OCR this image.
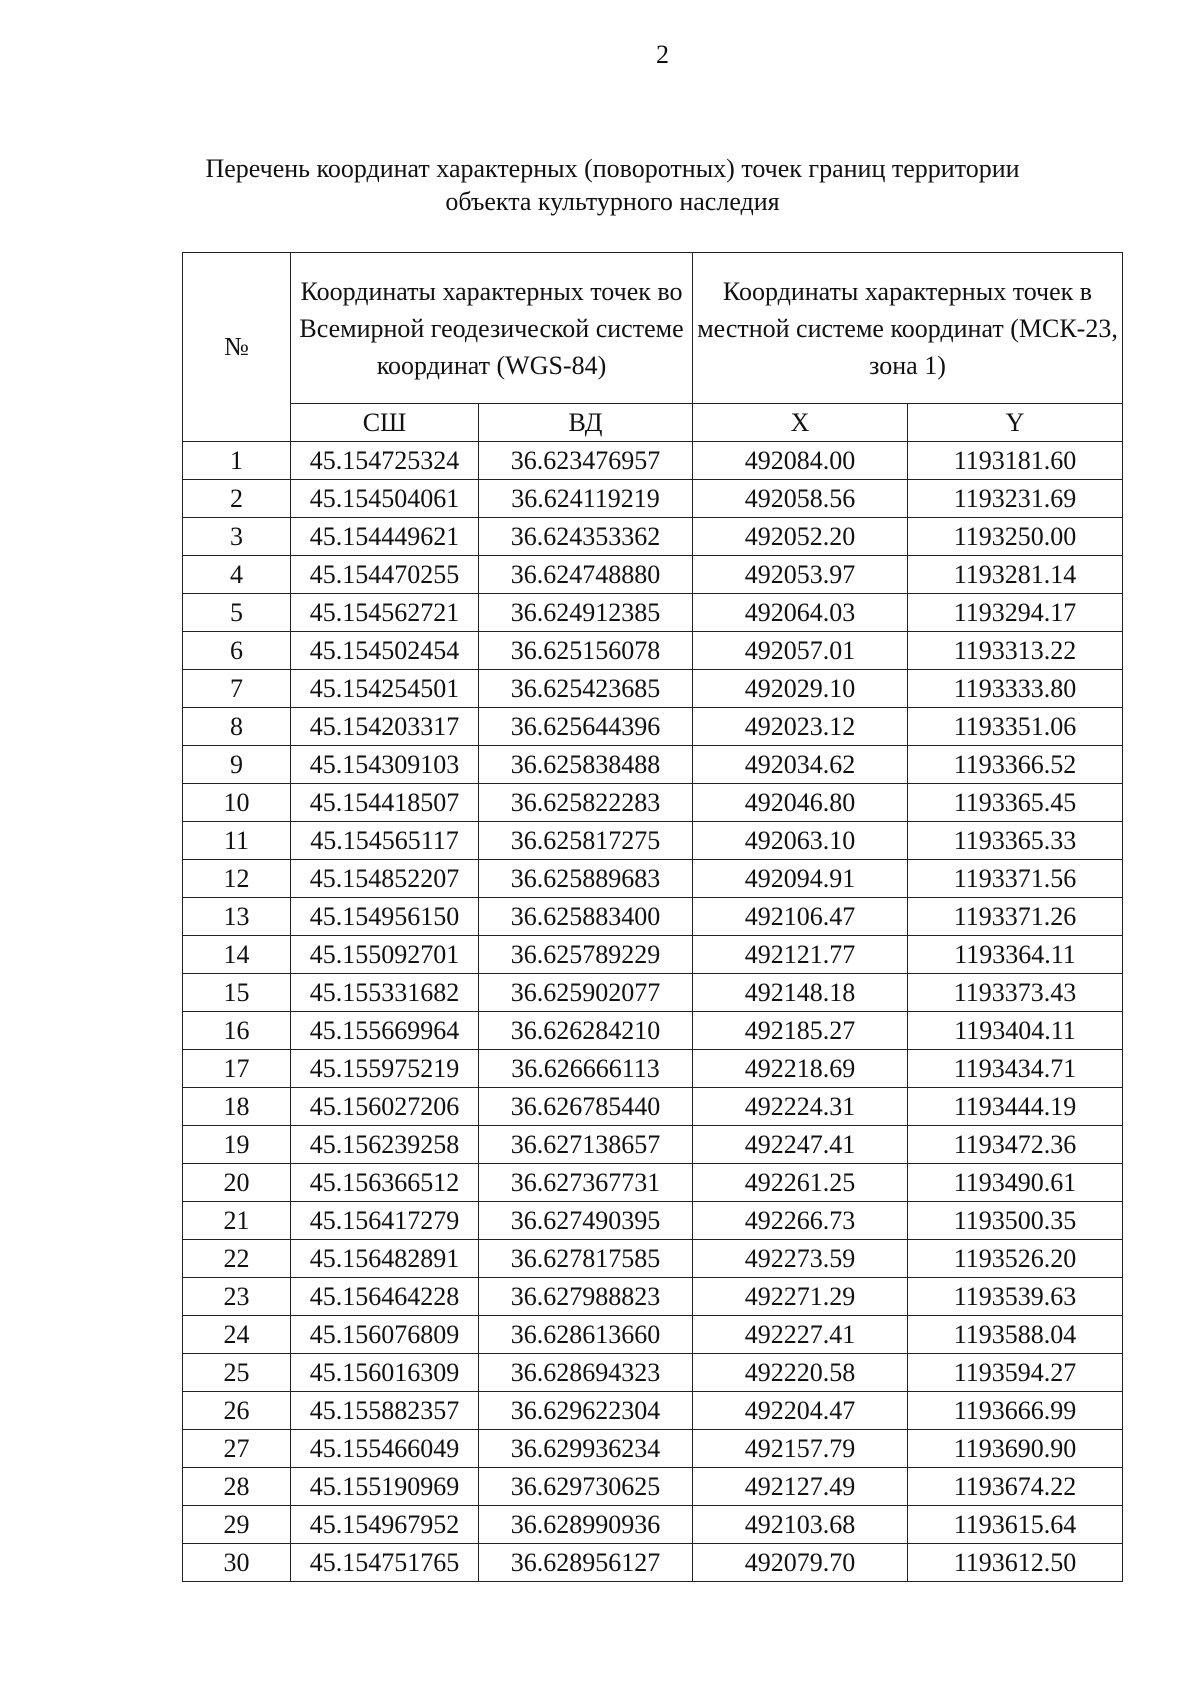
2
Перечень координат характерных (поворотных) точек границ территории объекта культурного наследия
№	Координаты характерных точек во Всемирной геодезической системе координат (WGS-84)		Координаты характерных точек в местной системе координат (МСК-23, зона 1)	
	СШ	ВД	X	Y
1	45.154725324	36.623476957	492084.00	1193181.60
2	45.154504061	36.624119219	492058.56	1193231.69
3	45.154449621	36.624353362	492052.20	1193250.00
4	45.154470255	36.624748880	492053.97	1193281.14
5	45.154562721	36.624912385	492064.03	1193294.17
6	45.154502454	36.625156078	492057.01	1193313.22
7	45.154254501	36.625423685	492029.10	1193333.80
8	45.154203317	36.625644396	492023.12	1193351.06
9	45.154309103	36.625838488	492034.62	1193366.52
10	45.154418507	36.625822283	492046.80	1193365.45
11	45.154565117	36.625817275	492063.10	1193365.33
12	45.154852207	36.625889683	492094.91	1193371.56
13	45.154956150	36.625883400	492106.47	1193371.26
14	45.155092701	36.625789229	492121.77	1193364.11
15	45.155331682	36.625902077	492148.18	1193373.43
16	45.155669964	36.626284210	492185.27	1193404.11
17	45.155975219	36.626666113	492218.69	1193434.71
18	45.156027206	36.626785440	492224.31	1193444.19
19	45.156239258	36.627138657	492247.41	1193472.36
20	45.156366512	36.627367731	492261.25	1193490.61
21	45.156417279	36.627490395	492266.73	1193500.35
22	45.156482891	36.627817585	492273.59	1193526.20
23	45.156464228	36.627988823	492271.29	1193539.63
24	45.156076809	36.628613660	492227.41	1193588.04
25	45.156016309	36.628694323	492220.58	1193594.27
26	45.155882357	36.629622304	492204.47	1193666.99
27	45.155466049	36.629936234	492157.79	1193690.90
28	45.155190969	36.629730625	492127.49	1193674.22
29	45.154967952	36.628990936	492103.68	1193615.64
30	45.154751765	36.628956127	492079.70	1193612.50
